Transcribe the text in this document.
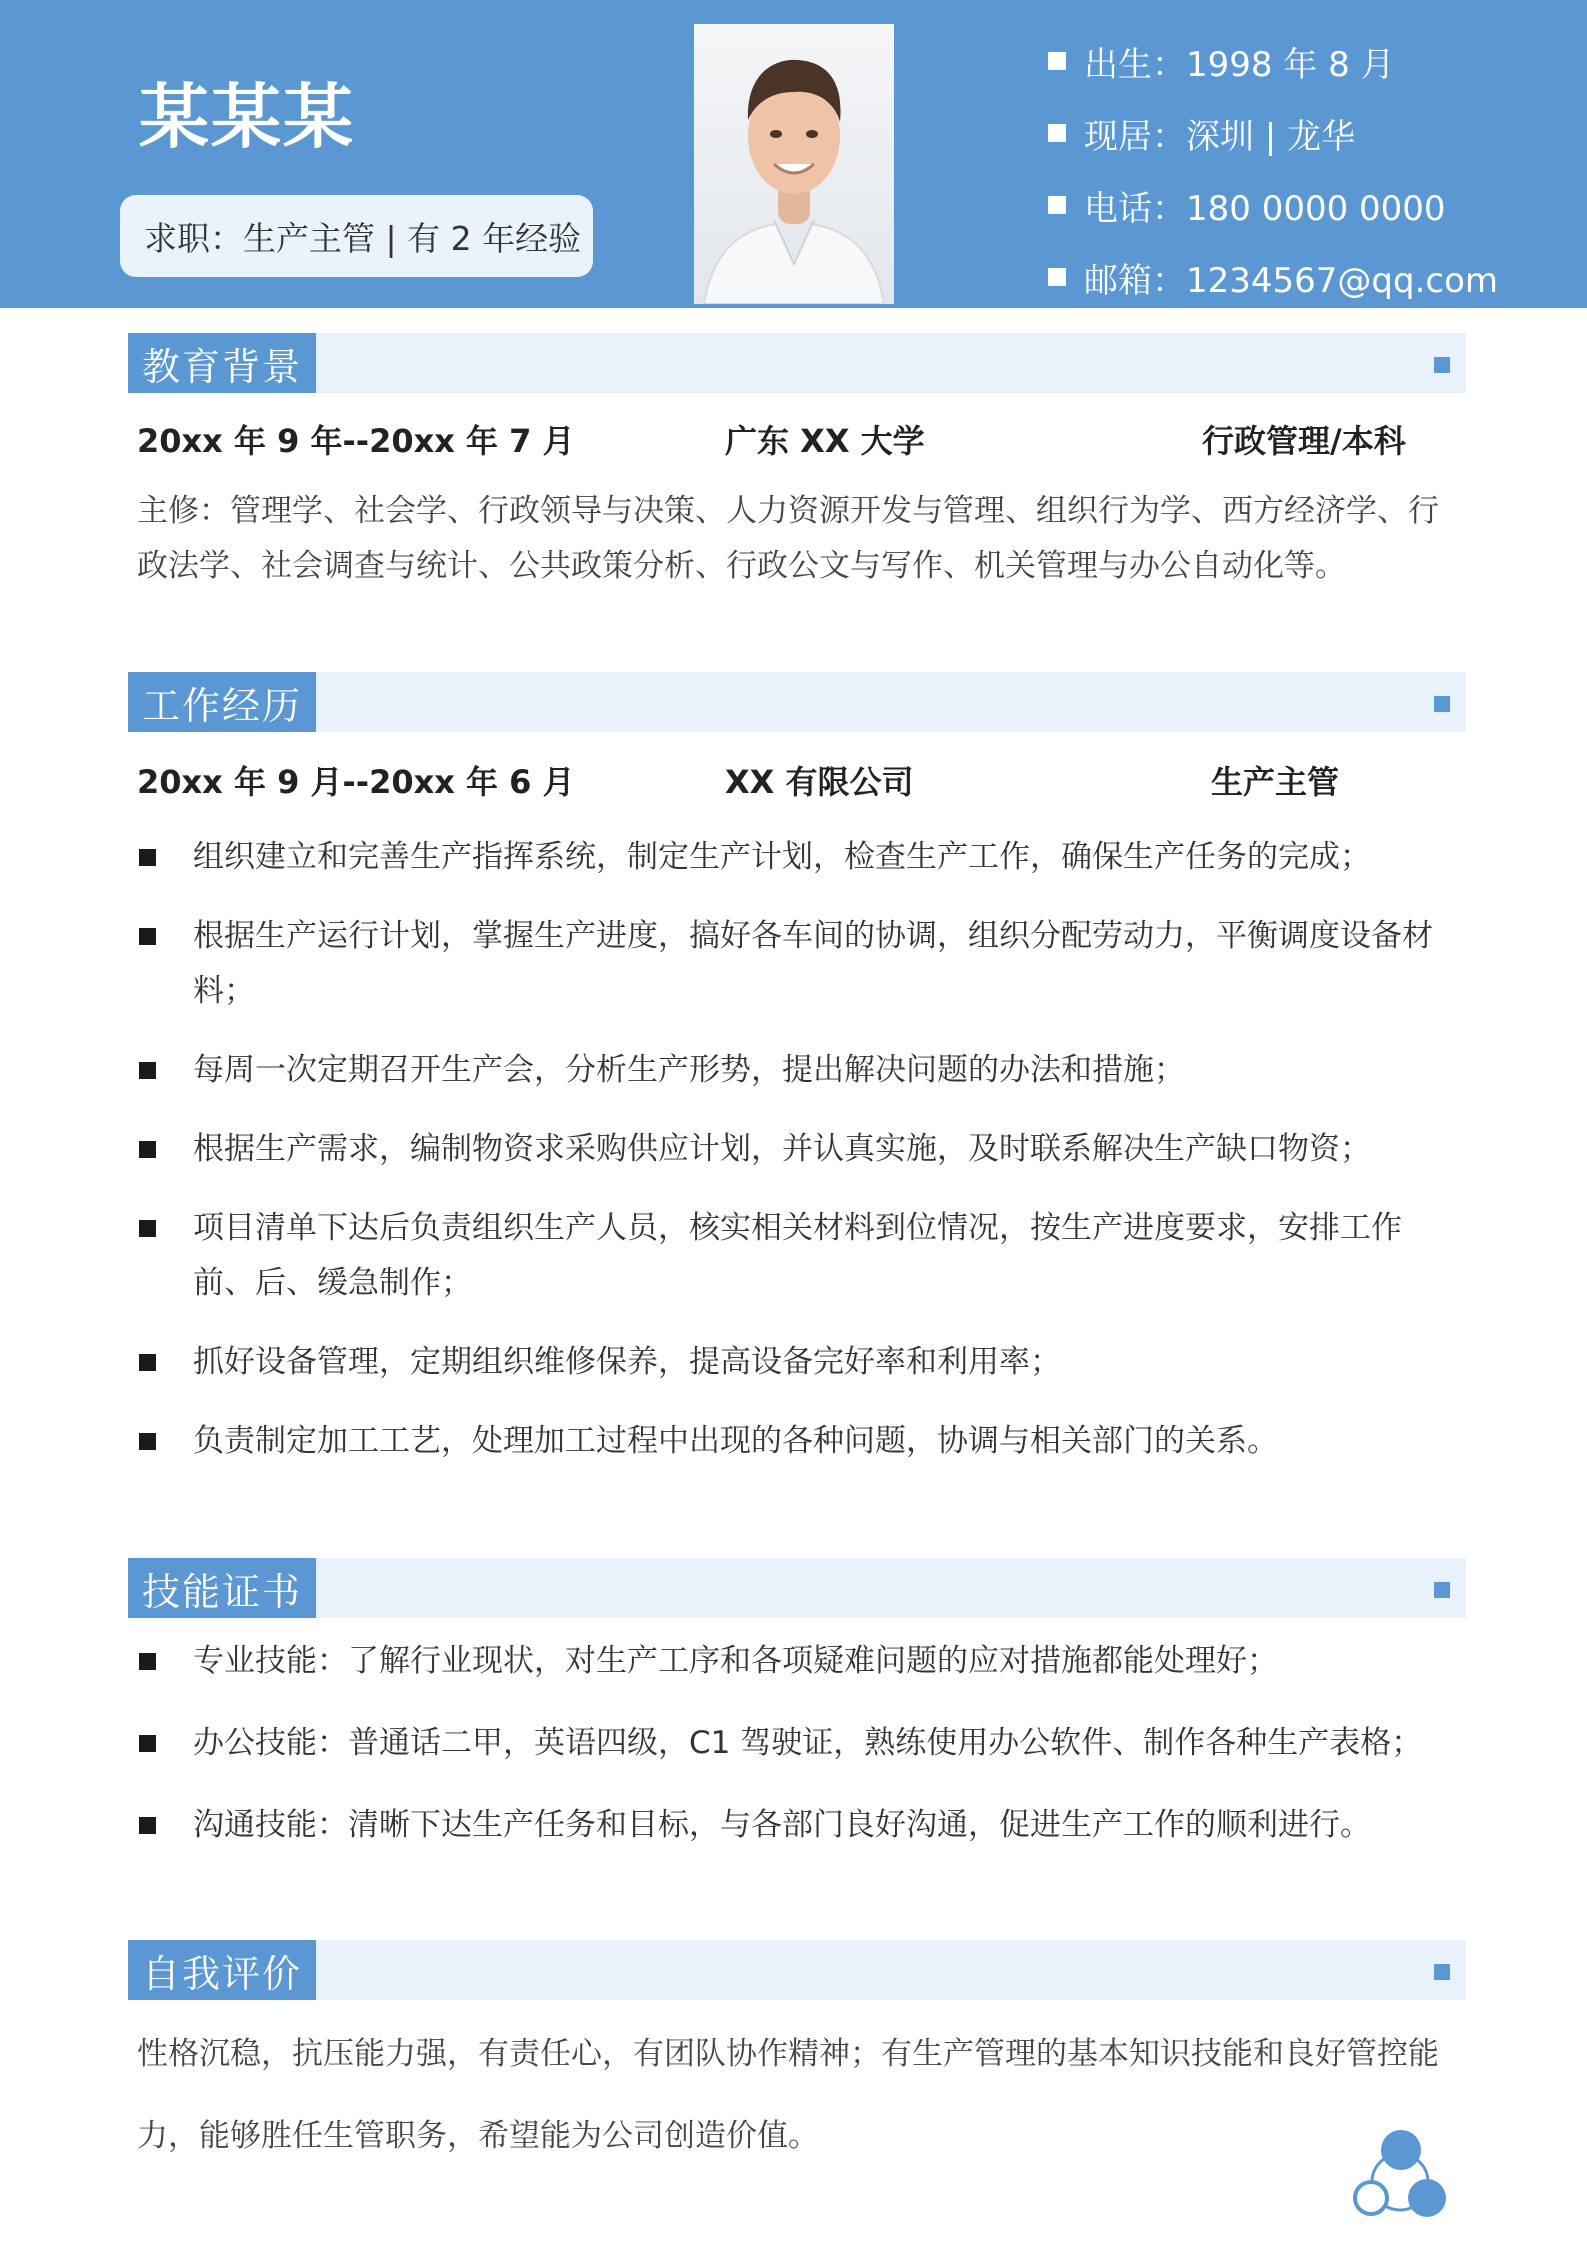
某某某
求职：生产主管 | 有 2 年经验
出生：1998 年 8 月
现居：深圳 | 龙华
电话：180 0000 0000
邮箱：1234567@qq.com
教育背景
20xx 年 9 年--20xx 年 7 月	广东 XX 大学	行政管理/本科
主修：管理学、社会学、行政领导与决策、人力资源开发与管理、组织行为学、西方经济学、行政法学、社会调查与统计、公共政策分析、行政公文与写作、机关管理与办公自动化等。
工作经历
20xx 年 9 月--20xx 年 6 月	XX 有限公司	生产主管
组织建立和完善生产指挥系统，制定生产计划，检查生产工作，确保生产任务的完成；
根据生产运行计划，掌握生产进度，搞好各车间的协调，组织分配劳动力，平衡调度设备材料；
每周一次定期召开生产会，分析生产形势，提出解决问题的办法和措施；
根据生产需求，编制物资求采购供应计划，并认真实施，及时联系解决生产缺口物资；
项目清单下达后负责组织生产人员，核实相关材料到位情况，按生产进度要求，安排工作前、后、缓急制作；
抓好设备管理，定期组织维修保养，提高设备完好率和利用率；
负责制定加工工艺，处理加工过程中出现的各种问题，协调与相关部门的关系。
技能证书
专业技能：了解行业现状，对生产工序和各项疑难问题的应对措施都能处理好；
办公技能：普通话二甲，英语四级，C1 驾驶证，熟练使用办公软件、制作各种生产表格；
沟通技能：清晰下达生产任务和目标，与各部门良好沟通，促进生产工作的顺利进行。
自我评价
性格沉稳，抗压能力强，有责任心，有团队协作精神；有生产管理的基本知识技能和良好管控能力，能够胜任生管职务，希望能为公司创造价值。
